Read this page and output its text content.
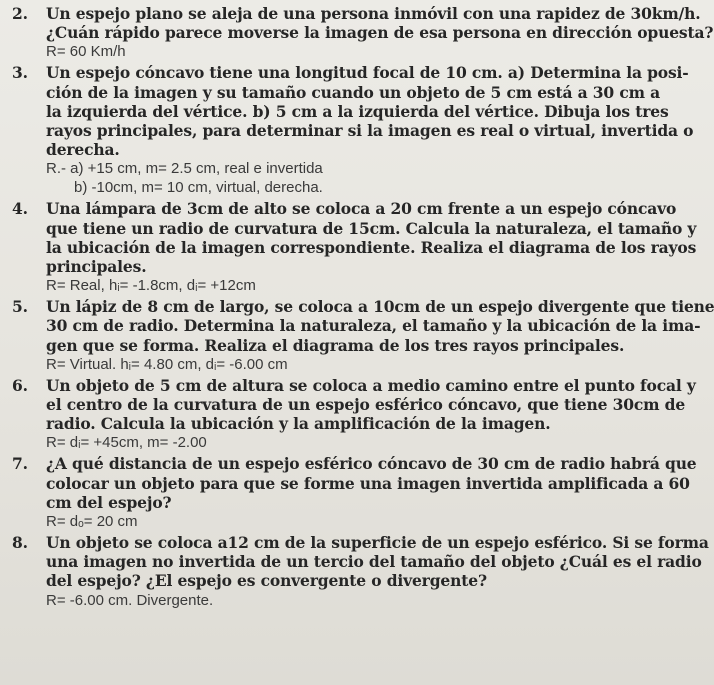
2. Un espejo plano se aleja de una persona inmóvil con una rapidez de 30km/h.
¿Cuán rápido parece moverse la imagen de esa persona en dirección opuesta?
R= 60 Km/h
3. Un espejo cóncavo tiene una longitud focal de 10 cm. a) Determina la posi-
ción de la imagen y su tamaño cuando un objeto de 5 cm está a 30 cm a
la izquierda del vértice. b) 5 cm a la izquierda del vértice. Dibuja los tres
rayos principales, para determinar si la imagen es real o virtual, invertida o
derecha.
R.- a) +15 cm, m= 2.5 cm, real e invertida
b) -10cm, m= 10 cm, virtual, derecha.
4. Una lámpara de 3cm de alto se coloca a 20 cm frente a un espejo cóncavo
que tiene un radio de curvatura de 15cm. Calcula la naturaleza, el tamaño y
la ubicación de la imagen correspondiente. Realiza el diagrama de los rayos
principales.
R= Real, hᵢ= -1.8cm, dᵢ= +12cm
5. Un lápiz de 8 cm de largo, se coloca a 10cm de un espejo divergente que tiene
30 cm de radio. Determina la naturaleza, el tamaño y la ubicación de la ima-
gen que se forma. Realiza el diagrama de los tres rayos principales.
R= Virtual. hᵢ= 4.80 cm, dᵢ= -6.00 cm
6. Un objeto de 5 cm de altura se coloca a medio camino entre el punto focal y
el centro de la curvatura de un espejo esférico cóncavo, que tiene 30cm de
radio. Calcula la ubicación y la amplificación de la imagen.
R= dᵢ= +45cm, m= -2.00
7. ¿A qué distancia de un espejo esférico cóncavo de 30 cm de radio habrá que
colocar un objeto para que se forme una imagen invertida amplificada a 60
cm del espejo?
R= dₒ= 20 cm
8. Un objeto se coloca a12 cm de la superficie de un espejo esférico. Si se forma
una imagen no invertida de un tercio del tamaño del objeto ¿Cuál es el radio
del espejo? ¿El espejo es convergente o divergente?
R= -6.00 cm. Divergente.
